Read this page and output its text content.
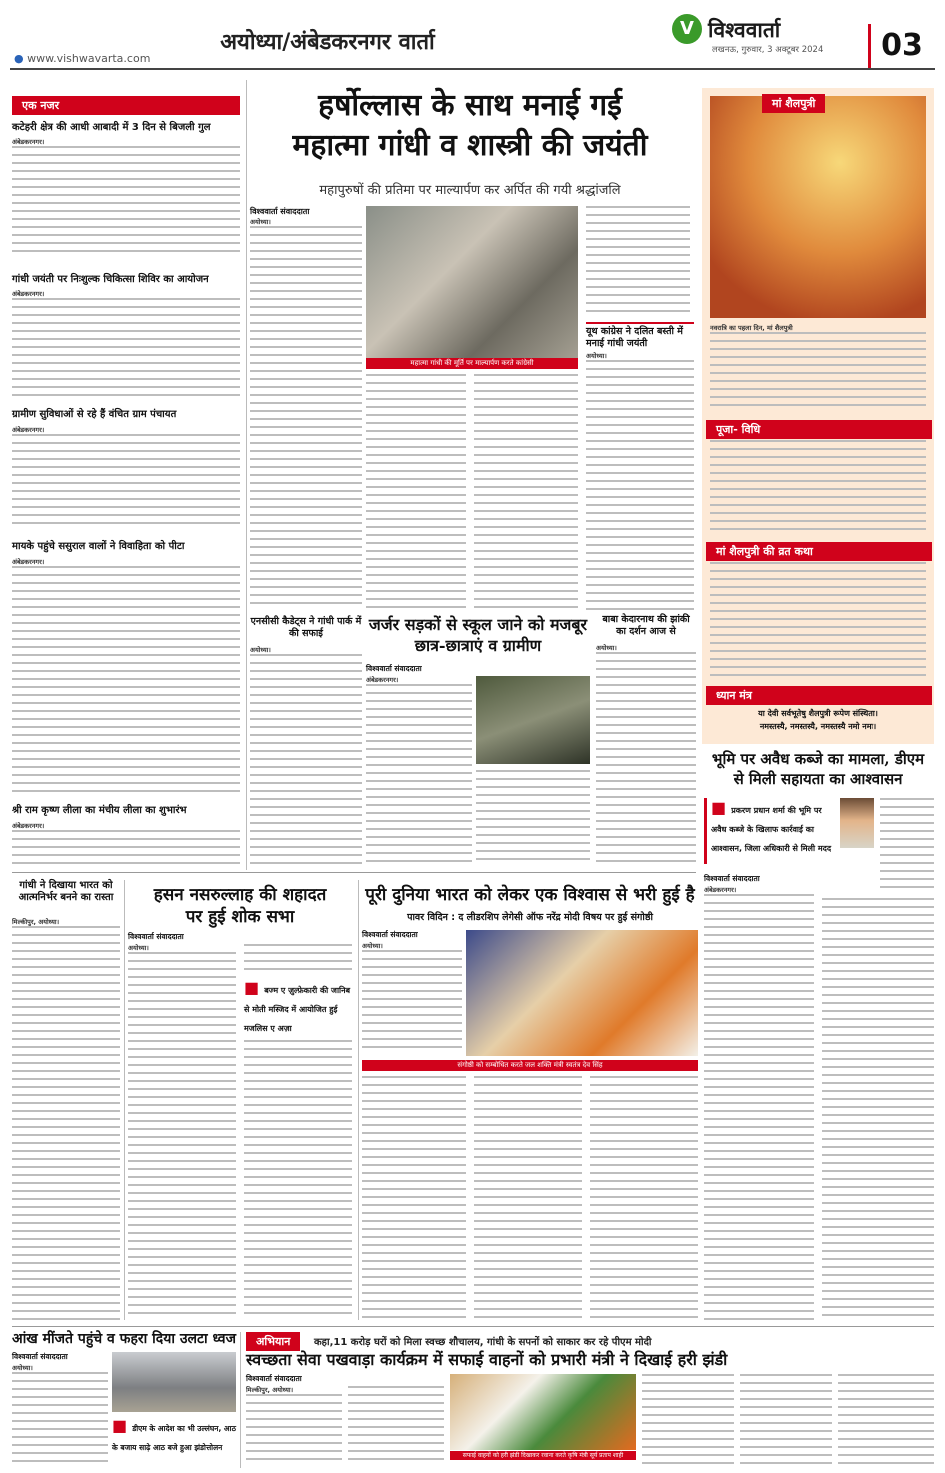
अयोध्या/अंबेडकरनगर वार्ता
● www.vishwavarta.com
V विश्ववार्ता
लखनऊ, गुरुवार, 3 अक्टूबर 2024	03
एक नजर
कटेहरी क्षेत्र की आधी आबादी में 3 दिन से बिजली गुल
अंबेडकरनगर।
गांधी जयंती पर निःशुल्क चिकित्सा शिविर का आयोजन
अंबेडकरनगर।
ग्रामीण सुविधाओं से रहे हैं वंचित ग्राम पंचायत
अंबेडकरनगर।
मायके पहुंचे ससुराल वालों ने विवाहिता को पीटा
अंबेडकरनगर।
श्री राम कृष्ण लीला का मंचीय लीला का शुभारंभ
अंबेडकरनगर।
हर्षोल्लास के साथ मनाई गई
महात्मा गांधी व शास्त्री की जयंती
महापुरुषों की प्रतिमा पर माल्यार्पण कर अर्पित की गयी श्रद्धांजलि
विश्ववार्ता संवाददाता
अयोध्या।
महात्मा गांधी की मूर्ति पर माल्यार्पण करते कांग्रेसी
यूथ कांग्रेस ने दलित बस्ती में मनाई गांधी जयंती
अयोध्या।
एनसीसी कैडेट्स ने गांधी पार्क में की सफाई
अयोध्या।
जर्जर सड़कों से स्कूल जाने को मजबूर छात्र-छात्राएं व ग्रामीण
विश्ववार्ता संवाददाता
अंबेडकरनगर।
बाबा केदारनाथ की झांकी का दर्शन आज से
अयोध्या।
मां शैलपुत्री
नवरात्रि का पहला दिन, मां शैलपुत्री
पूजा- विधि
मां शैलपुत्री की व्रत कथा
ध्यान मंत्र
या देवी सर्वभूतेषु शैलपुत्री रूपेण संस्थिता।
नमस्तस्यै, नमस्तस्यै, नमस्तस्यै नमो नमः।
भूमि पर अवैध कब्जे का मामला, डीएम
से मिली सहायता का आश्वासन
■ प्रकरण प्रधान शर्मा की भूमि पर अवैध कब्जे के खिलाफ कार्रवाई का आश्वासन, जिला अधिकारी से मिली मदद
विश्ववार्ता संवाददाता
अंबेडकरनगर।
गांधी ने दिखाया भारत को आत्मनिर्भर बनने का रास्ता
मिल्कीपुर, अयोध्या।
हसन नसरुल्लाह की शहादत
पर हुई शोक सभा
विश्ववार्ता संवाददाता
अयोध्या।
■ बज्म ए ज़ुल्फ़ेकारी की जानिब से मोती मस्जिद में आयोजित हुई मजलिस ए अज़ा
पूरी दुनिया भारत को लेकर एक विश्वास से भरी हुई है
पावर विदिन : द लीडरशिप लेगेसी ऑफ नरेंद्र मोदी विषय पर हुई संगोष्ठी
विश्ववार्ता संवाददाता
अयोध्या।
संगोष्ठी को सम्बोधित करते जल शक्ति मंत्री स्वतंत्र देव सिंह
आंख मींजते पहुंचे व फहरा दिया उलटा ध्वज
विश्ववार्ता संवाददाता
अयोध्या।
■ डीएम के आदेश का भी उल्लंघन, आठ के बजाय साढ़े आठ बजे हुआ झंडोत्तोलन
अभियान	कहा,11 करोड़ घरों को मिला स्वच्छ शौचालय, गांधी के सपनों को साकार कर रहे पीएम मोदी
स्वच्छता सेवा पखवाड़ा कार्यक्रम में सफाई वाहनों को प्रभारी मंत्री ने दिखाई हरी झंडी
विश्ववार्ता संवाददाता
मिल्कीपुर, अयोध्या।
सफाई वाहनों को हरी झंडी दिखाकर रवाना करते कृषि मंत्री सूर्य प्रताप शाही
